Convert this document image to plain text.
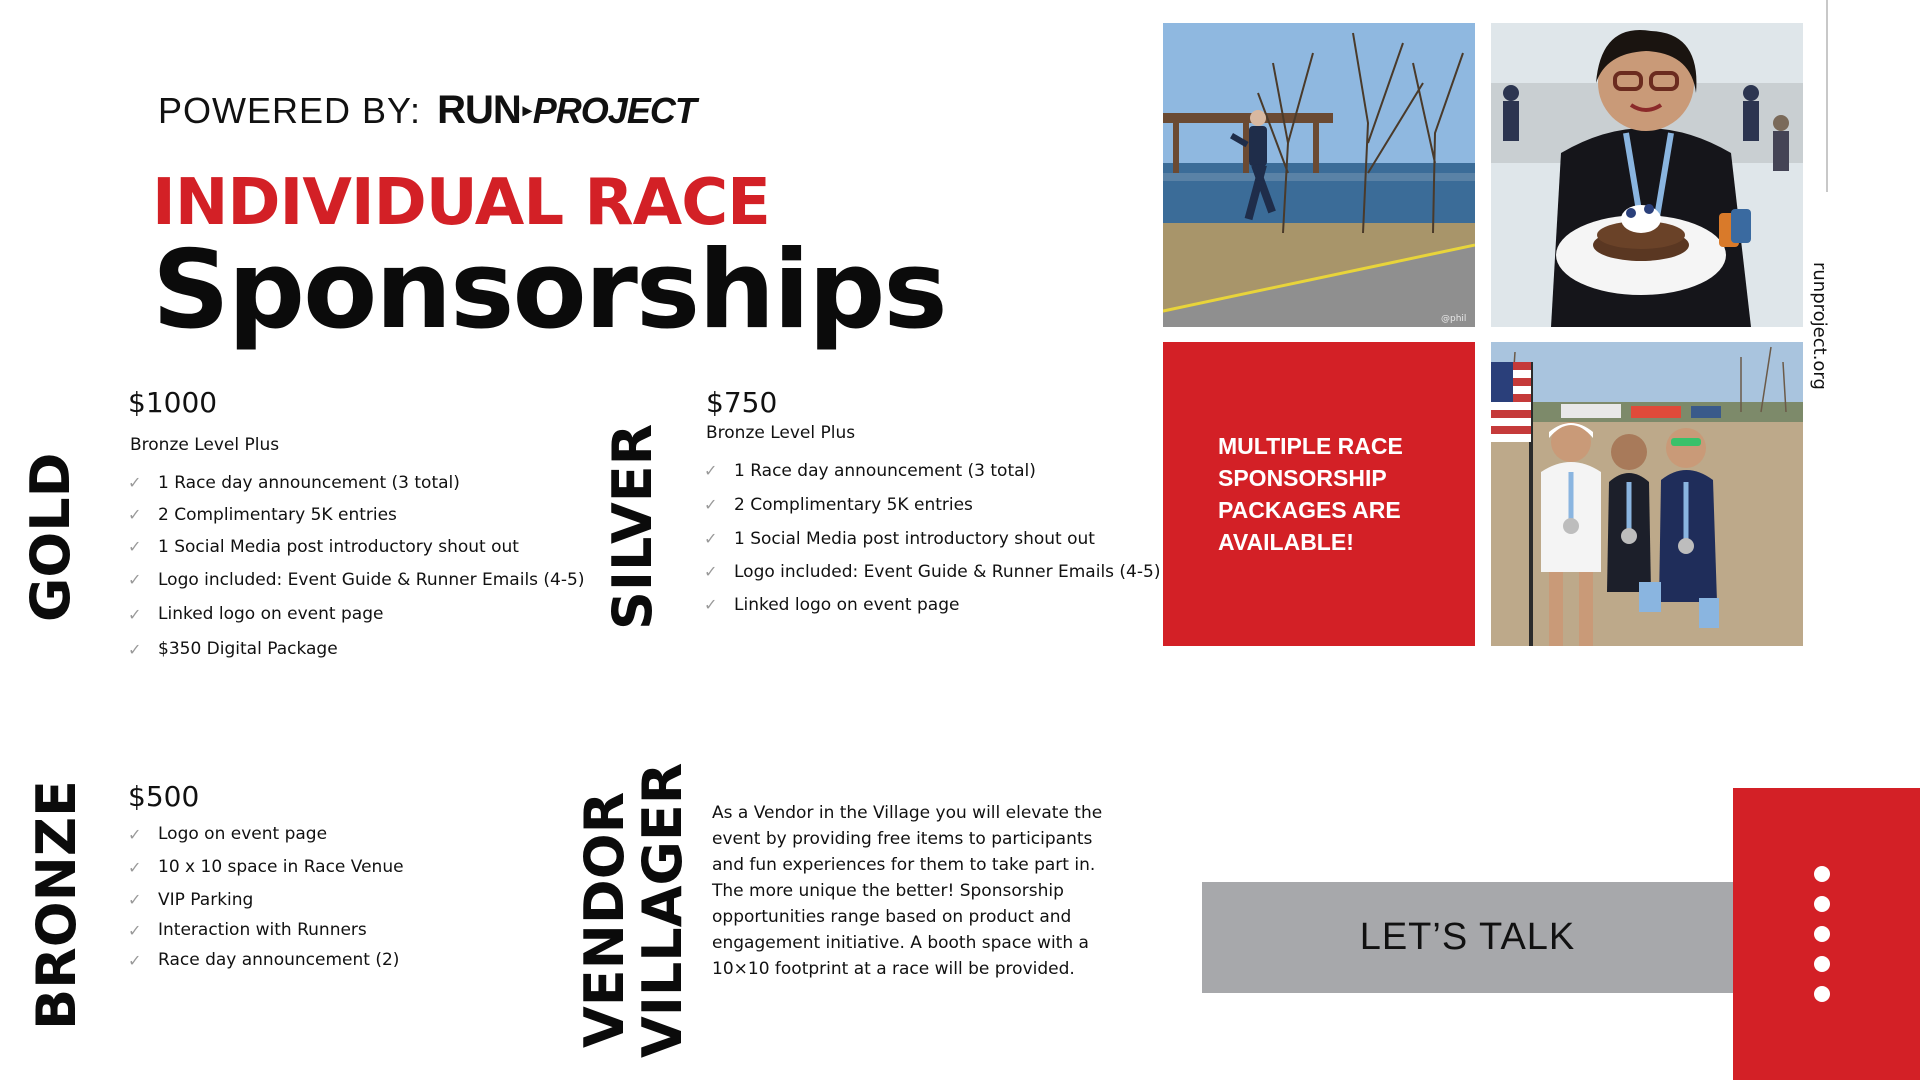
POWERED BY: RUN ▸ PROJECT
INDIVIDUAL RACE
Sponsorships
GOLD
$1000
Bronze Level Plus
✓ 1 Race day announcement (3 total)
✓ 2 Complimentary 5K entries
✓ 1 Social Media post introductory shout out
✓ Logo included: Event Guide & Runner Emails (4-5)
✓ Linked logo on event page
✓ $350 Digital Package
SILVER
$750
Bronze Level Plus
✓ 1 Race day announcement (3 total)
✓ 2 Complimentary 5K entries
✓ 1 Social Media post introductory shout out
✓ Logo included: Event Guide & Runner Emails (4-5)
✓ Linked logo on event page
BRONZE $500
✓ Logo on event page
✓ 10 x 10 space in Race Venue
✓ VIP Parking
✓ Interaction with Runners
✓ Race day announcement (2)	VENDOR
VILLAGER As a Vendor in the Village you will elevate the event by providing free items to participants and fun experiences for them to take part in. The more unique the better! Sponsorship opportunities range based on product and engagement initiative. A booth space with a 10×10 footprint at a race will be provided.
@phil
MULTIPLE RACE SPONSORSHIP PACKAGES ARE AVAILABLE!
runproject.org
LET’S TALK
